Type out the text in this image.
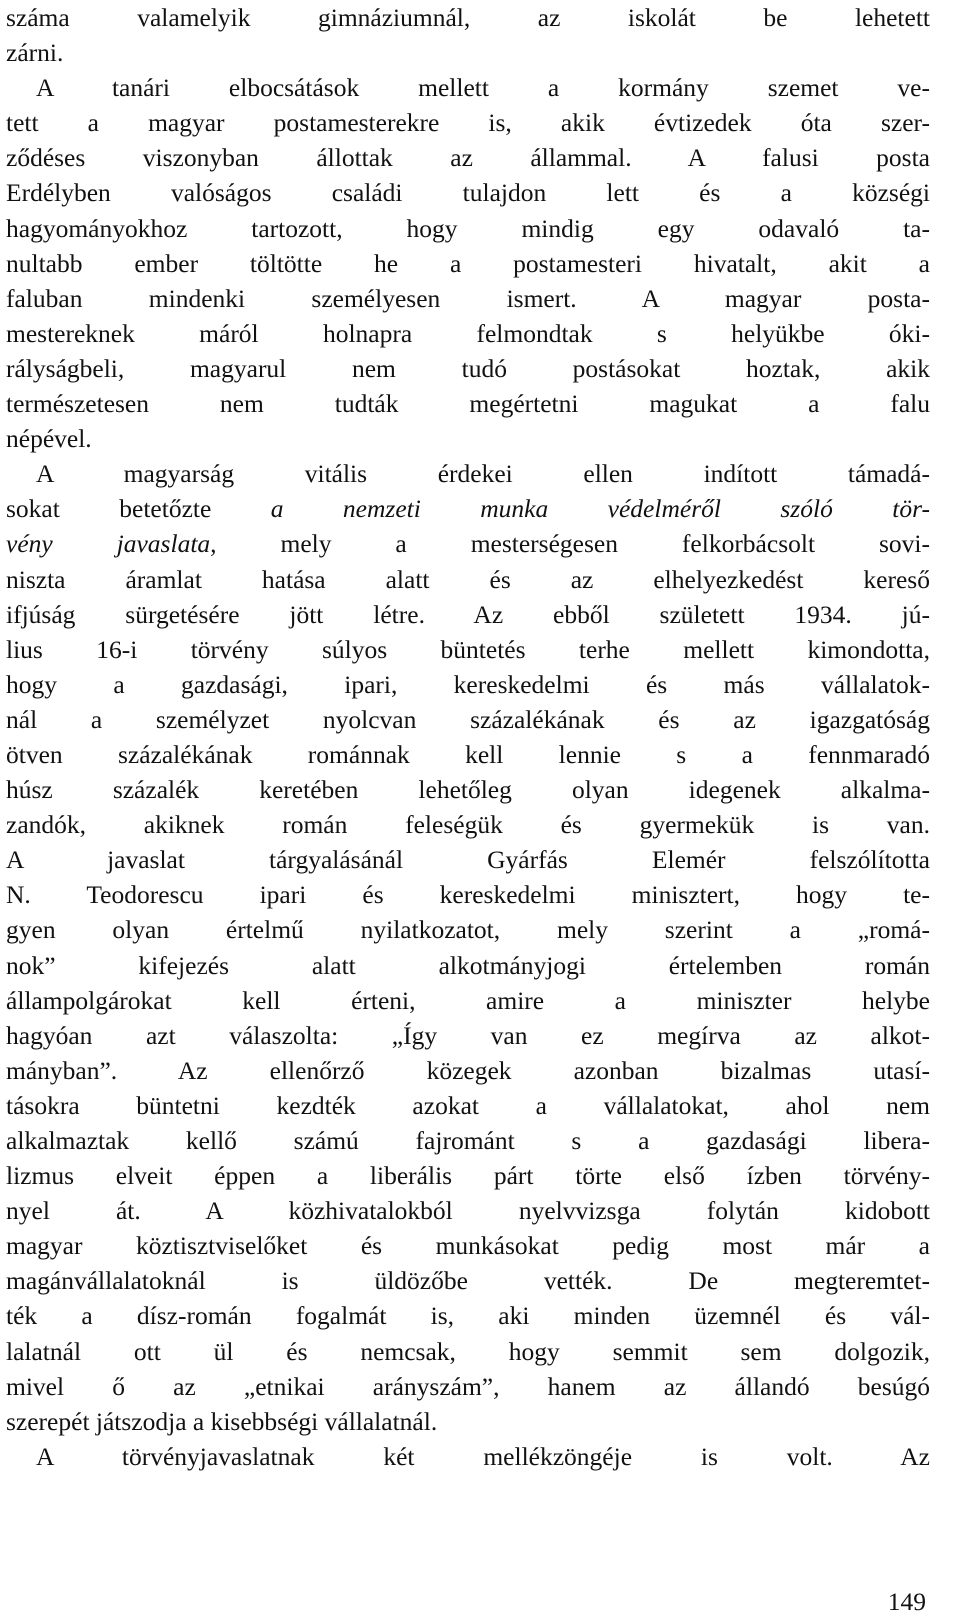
száma valamelyik gimnáziumnál, az iskolát be lehetett
zárni.
A tanári elbocsátások mellett a kormány szemet ve-
tett a magyar postamesterekre is, akik évtizedek óta szer-
ződéses viszonyban állottak az állammal. A falusi posta
Erdélyben valóságos családi tulajdon lett és a községi
hagyományokhoz tartozott, hogy mindig egy odavaló ta-
nultabb ember töltötte he a postamesteri hivatalt, akit a
faluban mindenki személyesen ismert. A magyar posta-
mestereknek máról holnapra felmondtak s helyükbe óki-
rályságbeli, magyarul nem tudó postásokat hoztak, akik
természetesen nem tudták megértetni magukat a falu
népével.
A magyarság vitális érdekei ellen indított támadá-
sokat betetőzte a nemzeti munka védelméről szóló tör-
vény javaslata, mely a mesterségesen felkorbácsolt sovi-
niszta áramlat hatása alatt és az elhelyezkedést kereső
ifjúság sürgetésére jött létre. Az ebből született 1934. jú-
lius 16-i törvény súlyos büntetés terhe mellett kimondotta,
hogy a gazdasági, ipari, kereskedelmi és más vállalatok-
nál a személyzet nyolcvan százalékának és az igazgatóság
ötven százalékának románnak kell lennie s a fennmaradó
húsz százalék keretében lehetőleg olyan idegenek alkalma-
zandók, akiknek román feleségük és gyermekük is van.
A javaslat tárgyalásánál Gyárfás Elemér felszólította
N. Teodorescu ipari és kereskedelmi minisztert, hogy te-
gyen olyan értelmű nyilatkozatot, mely szerint a „romá-
nok” kifejezés alatt alkotmányjogi értelemben román
állampolgárokat kell érteni, amire a miniszter helybe
hagyóan azt válaszolta: „Így van ez megírva az alkot-
mányban”. Az ellenőrző közegek azonban bizalmas utasí-
tásokra büntetni kezdték azokat a vállalatokat, ahol nem
alkalmaztak kellő számú fajrománt s a gazdasági libera-
lizmus elveit éppen a liberális párt törte első ízben törvény-
nyel át. A közhivatalokból nyelvvizsga folytán kidobott
magyar köztisztviselőket és munkásokat pedig most már a
magánvállalatoknál is üldözőbe vették. De megteremtet-
ték a dísz-román fogalmát is, aki minden üzemnél és vál-
lalatnál ott ül és nemcsak, hogy semmit sem dolgozik,
mivel ő az „etnikai arányszám”, hanem az állandó besúgó
szerepét játszodja a kisebbségi vállalatnál.
A törvényjavaslatnak két mellékzöngéje is volt. Az
149
